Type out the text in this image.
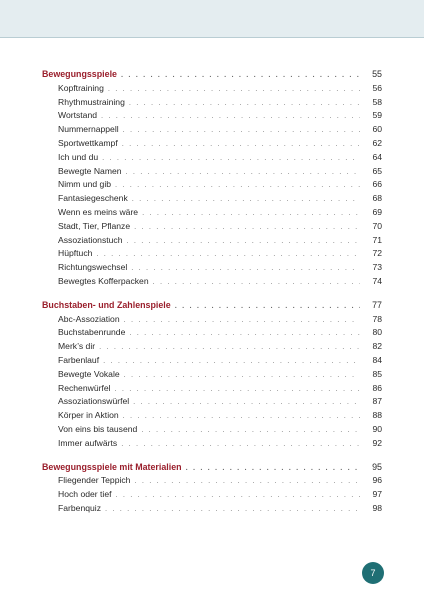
Bewegungsspiele . . .	55
Kopftraining . . .	56
Rhythmustraining . . .	58
Wortstand . . .	59
Nummernappell . . .	60
Sportwettkampf . . .	62
Ich und du . . .	64
Bewegte Namen . . .	65
Nimm und gib . . .	66
Fantasiegeschenk . . .	68
Wenn es meins wäre . . .	69
Stadt, Tier, Pflanze . . .	70
Assoziationstuch . . .	71
Hüpftuch . . .	72
Richtungswechsel . . .	73
Bewegtes Kofferpacken . . .	74
Buchstaben- und Zahlenspiele . . .	77
Abc-Assoziation . . .	78
Buchstabenrunde . . .	80
Merk’s dir . . .	82
Farbenlauf . . .	84
Bewegte Vokale . . .	85
Rechenwürfel . . .	86
Assoziationswürfel . . .	87
Körper in Aktion . . .	88
Von eins bis tausend . . .	90
Immer aufwärts . . .	92
Bewegungsspiele mit Materialien . . .	95
Fliegender Teppich . . .	96
Hoch oder tief . . .	97
Farbenquiz . . .	98
7
